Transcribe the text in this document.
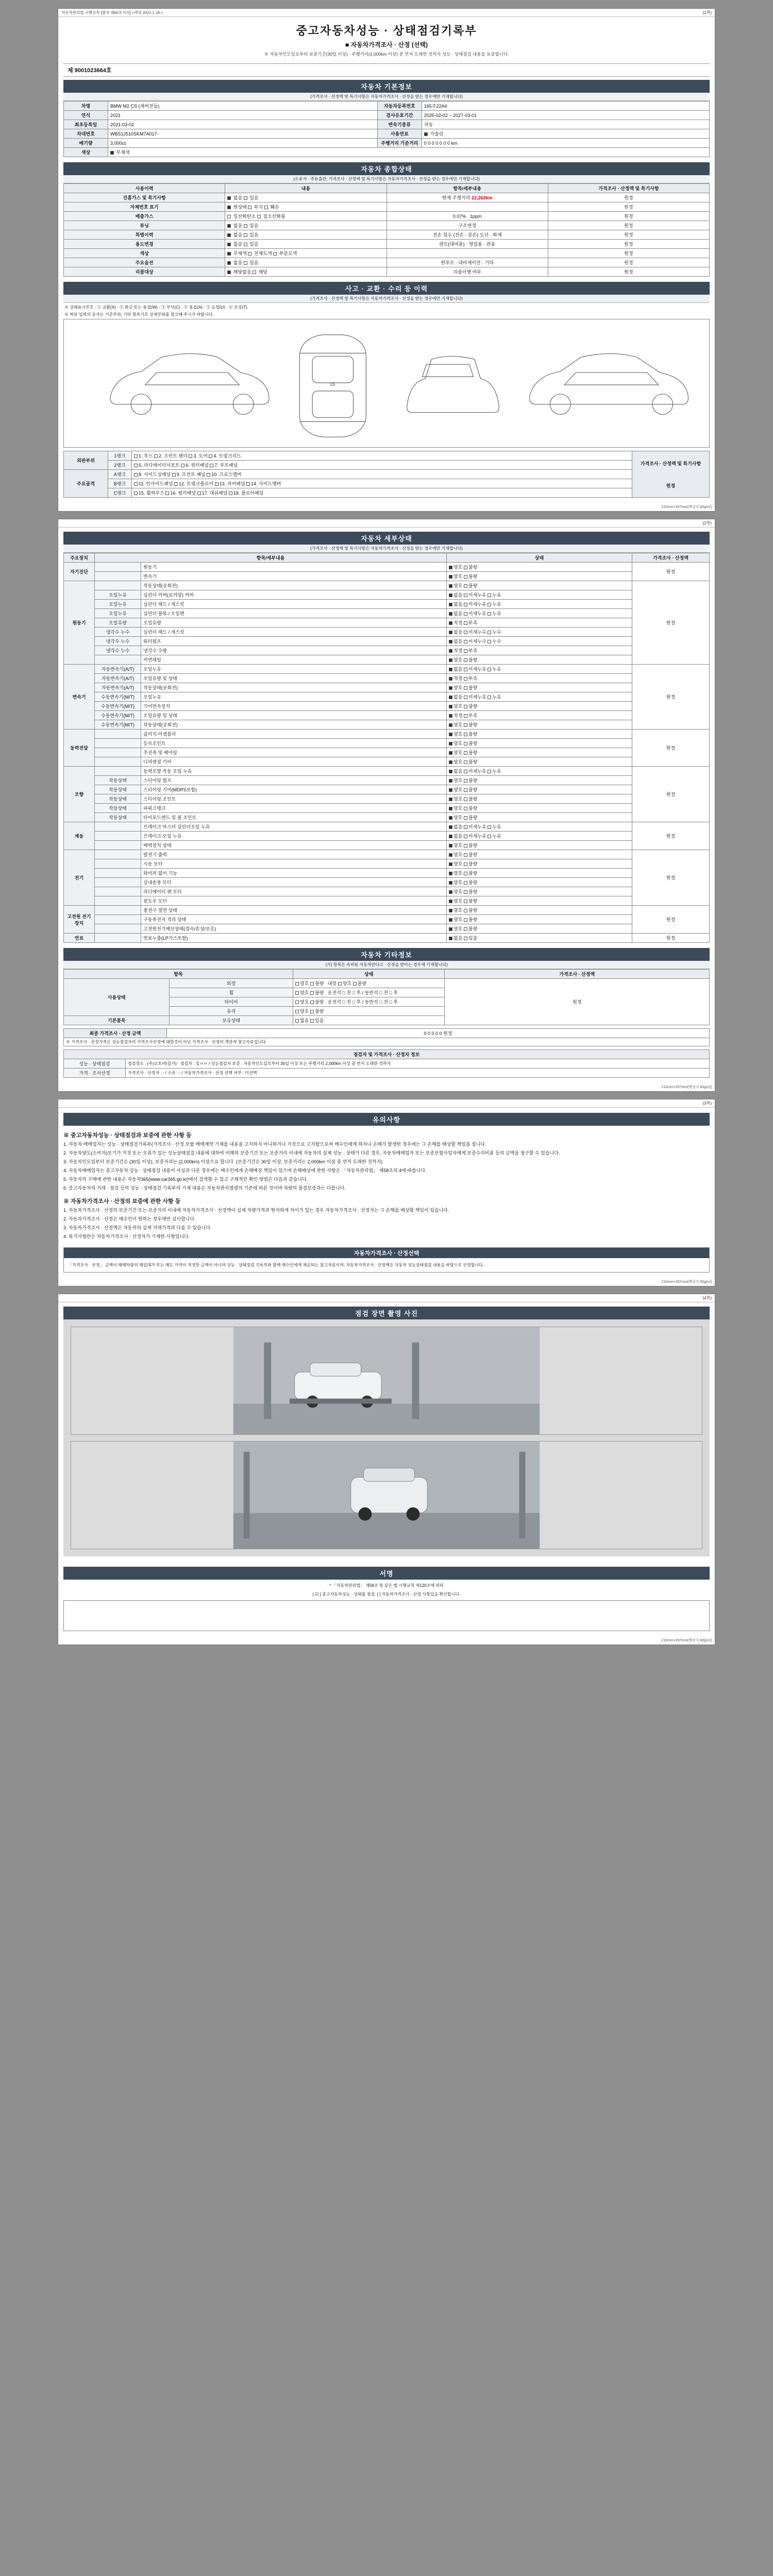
자동차관리법 시행규칙 [별지 제82호서식] <개정 2021.1.18.>	(1쪽)
중고자동차성능 · 상태점검기록부
■ 자동차가격조사 · 산정 (선택)
※ 자동차인도일로부터 보증기간(30일 이상) · 주행거리(2,000km 이상) 중 먼저 도래한 것까지 성능 · 상태점검 내용을 보증합니다.
제 9001023664호
자동차 기본정보
(가격조사 · 산정액 및 특기사항은 자동차가격조사 · 산정을 받는 경우에만 기재합니다)
차명	BMW M2 CS (새버전들)	자동차등록번호	165주22A4
연식	2021	검사유효기간	2025-02-02 ~ 2027-03-01
최초등록일	2021-03-02	변속기종류	자동
차대번호	WBS1J510SKM7A017-	사용연료	가솔린
배기량	3,000cc	주행거리 기준거리	0 0 0 0 0 0 0 km
색상	무채색		
자동차 종합상태
(소유자 · 주유출관, 가격조사 · 산정액 및 특기사항은 자동차가격조사 · 산정을 받는 경우에만 기재합니다)
사용이력	내용	항목/세부내용	가격조사 · 산정액 및 특기사항
진흠가스 및 특기사항	없음 있음	현재 주행거리 22,262km	원정
자체번호 표기	원상태 부식 훼손		원정
배출가스	일산화탄소 질소산화물	0.07% 1ppm	원정
튜닝	없음 있음	구조변경	원정
특별이력	없음 있음	전손 침수 (전손 · 분손) 도난 · 화재	원정
용도변경	없음 있음	렌트(대여용) · 영업용 · 관용	원정
색상	무채색 전체도색 부분도색		원정
주요옵션	없음 있음	썬루프 · 내비게이션 · 기타	원정
리콜대상	해당없음 해당	리콜이행 여부	원정
사고 · 교환 · 수리 등 이력
(가격조사 · 산정액 및 특기사항은 자동차가격조사 · 산정을 받는 경우에만 기재합니다)
※ 상태표시부호 : ① 교환(X) · ② 판금 또는 용접(W) · ③ 부식(C) · ④ 흠집(A) · ⑤ 요철(U) · ⑥ 손상(T)
※ 하단 입력의 숫자는 기준부위, 기타 항목기호 상세부위를 참고해 주시기 바랍니다.
16
외판부위	1랭크	1. 후드 2. 프런트 펜더 3. 도어 4. 트렁크리드	가격조사 · 산정액 및 특기사항
원정

	2랭크	5. 라디에이터서포트 6. 쿼터패널 7. 루프패널	
주요골격	A랭크	8. 사이드실패널 9. 프런트 패널 10. 크로스멤버	
	B랭크	11. 인사이드패널 12. 트렁크플로어 13. 리어패널 14. 사이드멤버	
	C랭크	15. 휠하우스 16. 필러패널 17. 대쉬패널 18. 플로어패널	
210mm×297mm[백상지 80g/㎡]
(2쪽)
자동차 세부상태
(가격조사 · 산정액 및 특기사항은 자동차가격조사 · 산정을 받는 경우에만 기재합니다)
주요장치	항목/세부내용		상태	가격조사 · 산정액
자기진단		원동기	양호 불량	원정
		변속기	양호 불량	
원동기		작동상태(공회전)	양호 불량	원정
	오일누유	실린더 커버(로커암) 커버	없음 미세누유 누유	
	오일누유	실린더 헤드 / 개스킷	없음 미세누유 누유	
	오일누유	실린더 블록 / 오일팬	없음 미세누유 누유	
	오일유량	오일유량	적정 부족	
	냉각수 누수	실린더 헤드 / 개스킷	없음 미세누수 누수	
	냉각수 누수	워터펌프	없음 미세누수 누수	
	냉각수 누수	냉각수 수량	적정 부족	
		커먼레일	양호 불량	
변속기	자동변속기(A/T)	오일누유	없음 미세누유 누유	원정
	자동변속기(A/T)	오일유량 및 상태	적정 부족	
	자동변속기(A/T)	작동상태(공회전)	양호 불량	
	수동변속기(M/T)	오일누유	없음 미세누유 누유	
	수동변속기(M/T)	기어변속장치	양호 불량	
	수동변속기(M/T)	오일유량 및 상태	적정 부족	
	수동변속기(M/T)	작동상태(공회전)	양호 불량	
동력전달		클러치 어셈블리	양호 불량	원정
		등속조인트	양호 불량	
		추진축 및 베어링	양호 불량	
		디퍼렌셜 기어	양호 불량	
조향		동력조향 작동 오일 누유	없음 미세누유 누유	원정
	작동상태	스티어링 펌프	양호 불량	
	작동상태	스티어링 기어(MDPS포함)	양호 불량	
	작동상태	스티어링 조인트	양호 불량	
	작동상태	파워크랭크	양호 불량	
	작동상태	타이로드엔드 및 볼 조인트	양호 불량	
제동		브레이크 마스터 실린더오일 누유	없음 미세누유 누유	원정
		브레이크 오일 누유	없음 미세누유 누유	
		배력장치 상태	양호 불량	
전기		발전기 출력	양호 불량	원정
		시동 모터	양호 불량	
		와이퍼 없이 기능	양호 불량	
		실내송풍 모터	양호 불량	
		라디에이터 팬 모터	양호 불량	
		윈도우 모터	양호 불량	
고전원 전기장치		충전구 절연 상태	양호 불량	원정
		구동축전지 격리 상태	양호 불량	
		고전원전기배선상태(접속/손상/보호)	양호 불량	
연료		연료누출(LP가스포함)	없음 있음	원정
자동차 기타정보
(가) 항목은 속비된 자동차만다고 · 산정을 받아는 경우에 기재합니다)
항목		상태	가격조사 · 산정액
사용상태	외장	양호 불량 내장 양호 불량	원정
	휠	양호 불량 운전석 □ 전 □ 후 / 동반석 □ 전 □ 후	
	타이어	양호 불량 운전석 □ 전 □ 후 / 동반석 □ 전 □ 후	
	유리	양호 불량	
기본품목	보유상태	없음 있음	
최종 가격조사 · 산정 금액	0 0 0 0 0 원정
※ 가격조사 · 산정가격은 성능점검자의 가격조사산정에 대한것이 아닌 가격조사 · 산정의 객관적 참고자료입니다.
점검자 및 가격조사 · 산정자 정보	
성능 · 상태점검	점검장소 : (주)오토비(검사) · 점검자 : 김ㅇㅇ / 성능점검자 보증 : 자동차인도일로부터 30일 이상 또는 주행거리 2,000km 이상 중 먼저 도래한 것까지
가격 · 조사산정	가격조사 · 산정자 : - / 소속 : - / 자동차가격조사 · 산정 선택 여부 : 미선택
210mm×297mm[백상지 80g/㎡]
(3쪽)
유의사항
※ 중고자동차성능 · 상태점검과 보증에 관한 사항 등

1. 자동차 매매업자는 성능 · 상태점검기록부(가격조사 · 산정 포함 매매계약 기재를 내용을 고지하지 아니하거나 거짓으로 고지함으로써 매수인에게 하자나 손해가 발생한 경우에는 그 손해를 배상할 책임을 집니다.

2. 자동차양도(소비자)보기가 거짓 또는 오류가 있는 성능상태점검 내용에 대하여 이해의 보증기간 또는 보증거리 이내에 자동차의 실제 성능 · 상태가 다른 경우, 자동차매매업자 또는 보증보험사업자에게 보증수리비용 등의 금액을 청구할 수 있습니다.

3. 자동차인도일부터 보증기간은 (30일 이상), 보증거리는 (2,000km) 이상으로 합니다. (보증기간은 30일 이상, 보증거리는 2,000km 이상 중 먼저 도래한 것까지)

4. 자동차매매업자는 중고자동차 성능 · 상태점검 내용이 사실과 다른 경우에는 매수인에게 손해배상 책임이 있으며 손해배상에 관한 사항은 「자동차관리법」 제58조의 4에 따릅니다.

5. 자동차의 구매에 관한 내용은 자동차365(www.car365.go.kr)에서 검색할 수 있고 구체적인 확인 방법은 다음과 같습니다.

6. 중고자동차의 거래 · 점검 등의 성능 · 상태점검 기록부의 기재 내용은 자동차관리법령의 기준에 따른 것이며 차량의 품질보증과는 다릅니다.

※ 자동차가격조사 · 산정의 보증에 관한 사항 등

1. 자동차가격조사 · 산정의 보증기간 또는 보증거리 이내에 자동차가격조사 · 산정액이 실제 차량가격과 현저하게 차이가 있는 경우 자동차가격조사 · 산정자는 그 손해를 배상할 책임이 있습니다.

2. 자동차가격조사 · 산정은 매수인이 원하는 경우에만 실시합니다.

3. 자동차가격조사 · 산정액은 자동차의 실제 거래가격과 다를 수 있습니다.

4. 특기사항란은 자동차가격조사 · 산정자가 기재한 사항입니다.

자동차가격조사 · 산정선택
「가격조사 · 산정」 금액이 매매차량의 매입대가 또는 매도 가격이 적정한 금액이 아니며 성능 · 상태점검 기록부와 함께 매수인에게 제공되는 참고자료이며, 자동차가격조사 · 산정액은 자동차 성능상태점검 내용을 바탕으로 산정합니다.
210mm×297mm[백상지 80g/㎡]
(4쪽)
점검 장면 촬영 사진
서명
* 「자동차관리법」 제58조 및 같은 법 시행규칙 제120조에 따라
[ ☑ ] 중고자동차성능 · 상태를 점검, [ ] 자동차가격조사 · 산정 사항입을 확인합니다.
210mm×297mm[백상지 80g/㎡]
